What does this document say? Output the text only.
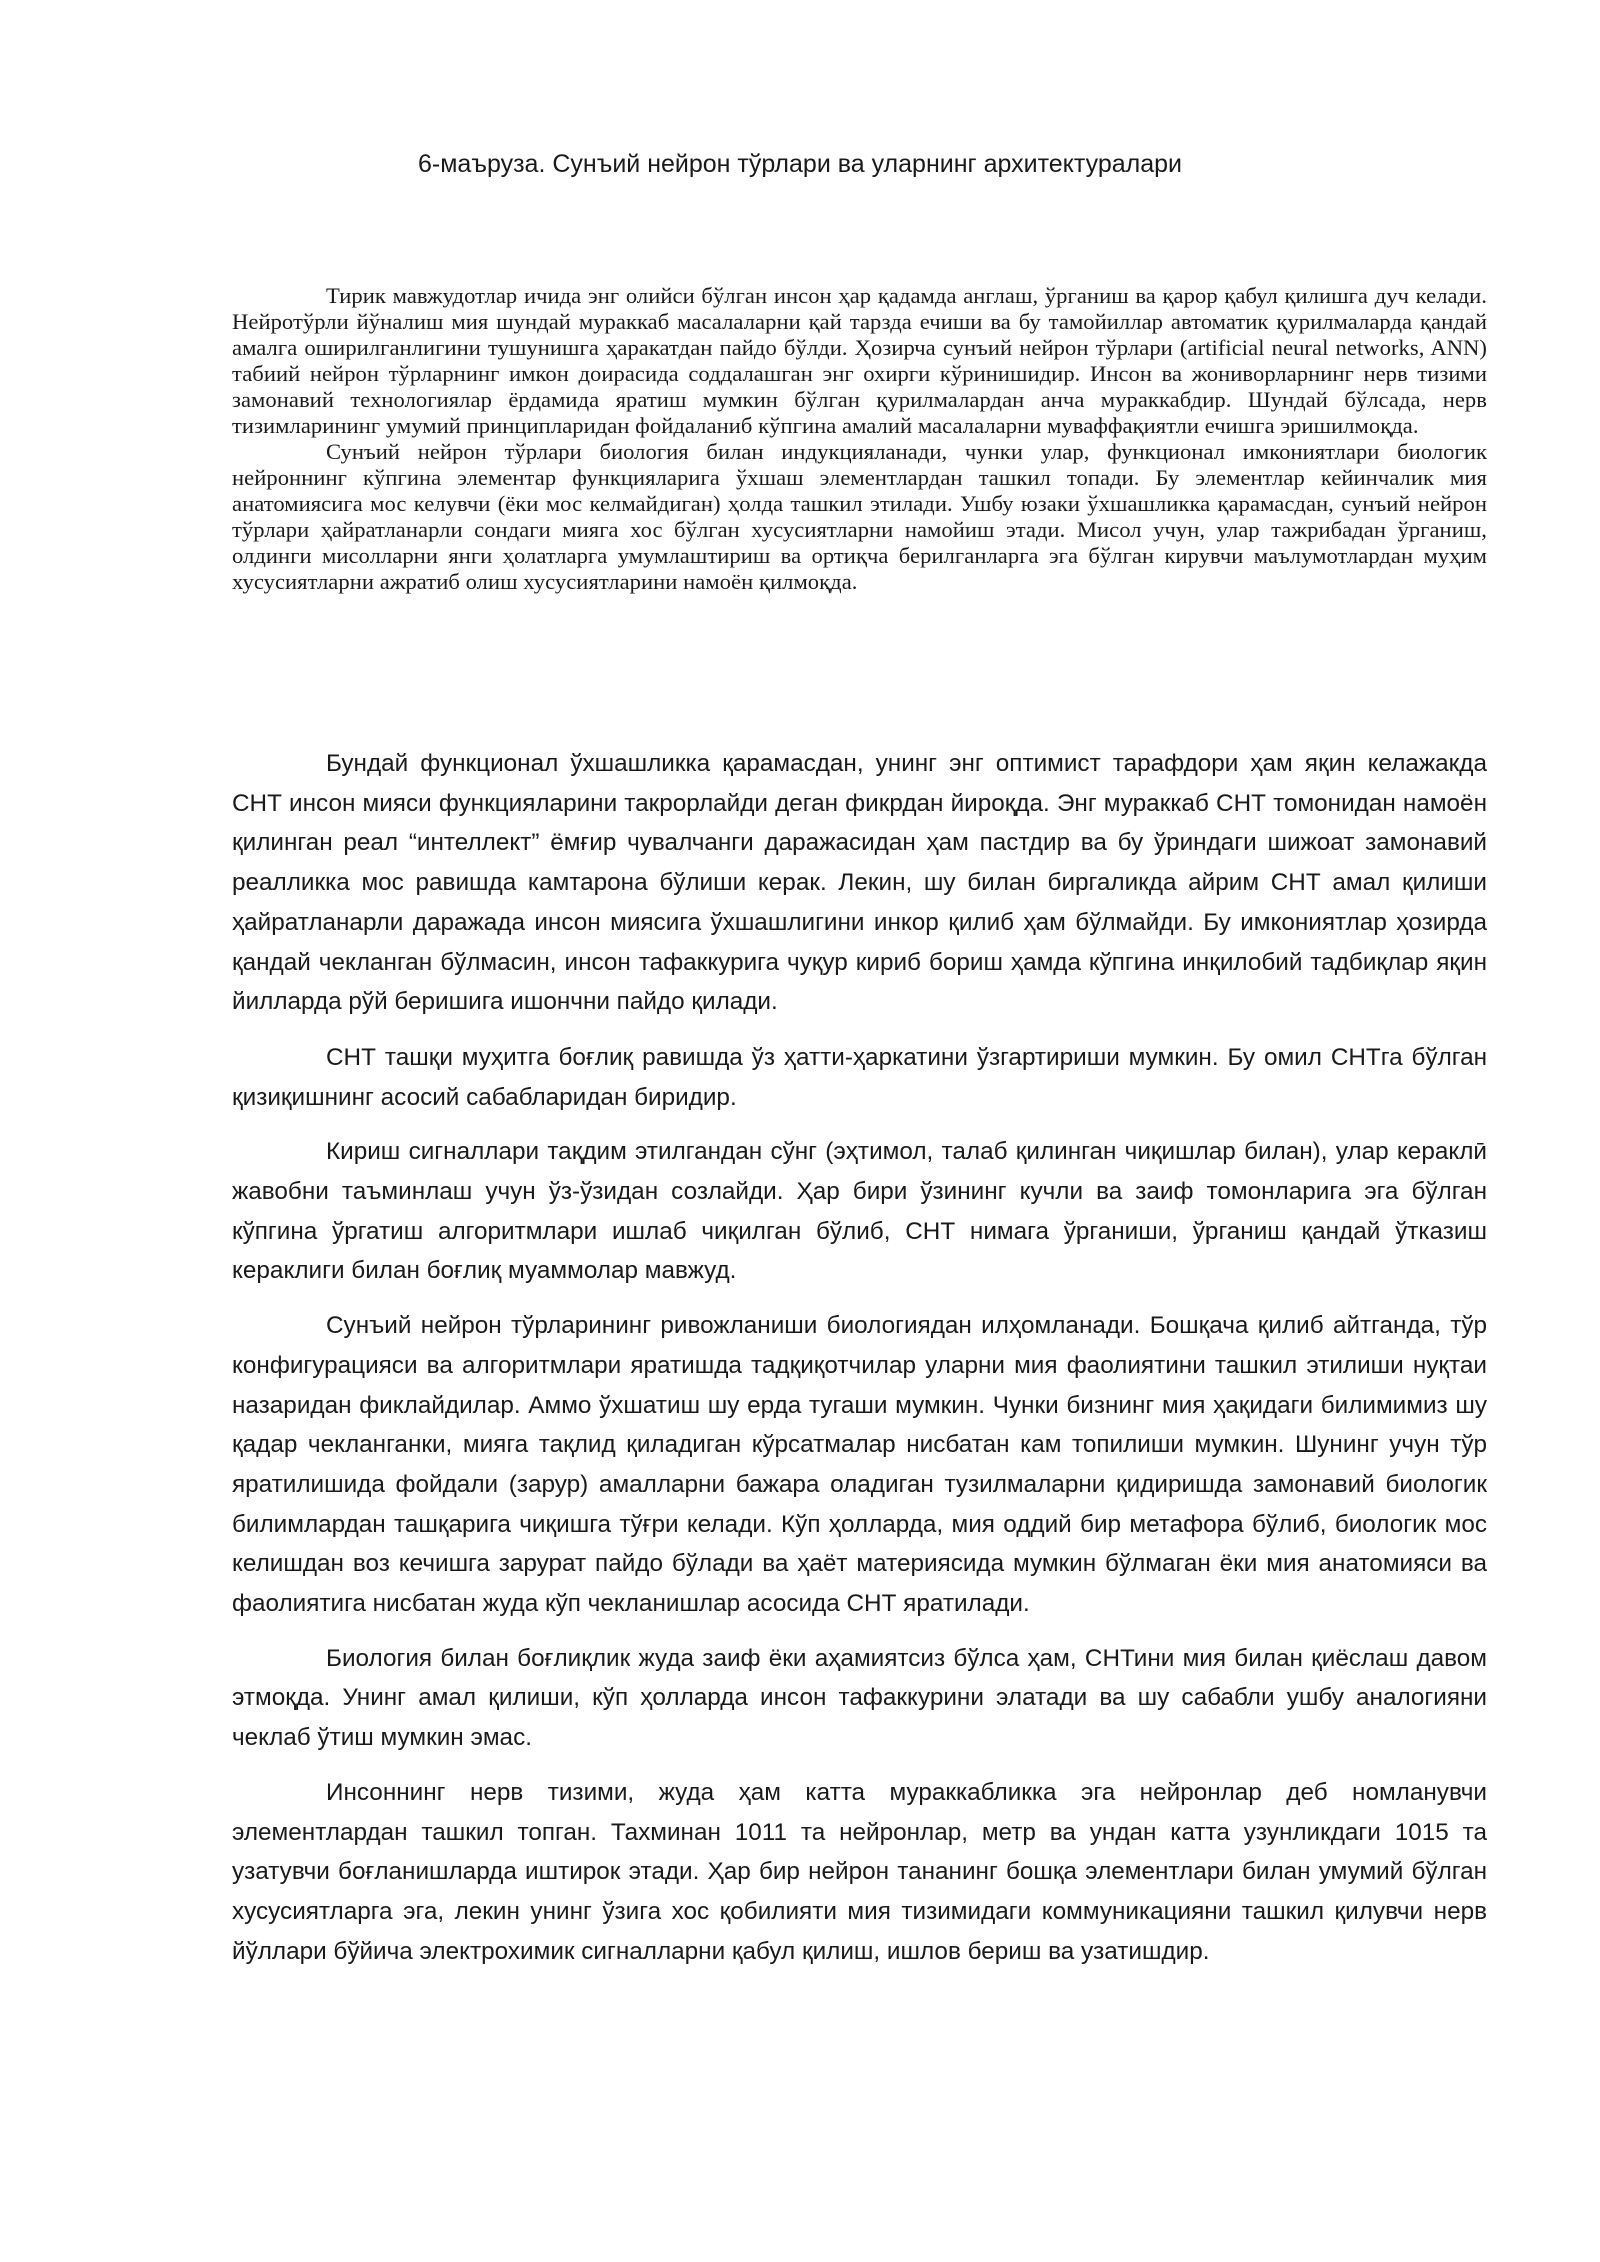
6-маъруза. Сунъий нейрон тўрлари ва уларнинг архитектуралари

Тирик мавжудотлар ичида энг олийси бўлган инсон ҳар қадамда англаш, ўрганиш ва қарор қабул қилишга дуч келади. Нейротўрли йўналиш мия шундай мураккаб масалаларни қай тарзда ечиши ва бу тамойиллар автоматик қурилмаларда қандай амалга оширилганлигини тушунишга ҳаракатдан пайдо бўлди. Ҳозирча сунъий нейрон тўрлари (artificial neural networks, ANN) табиий нейрон тўрларнинг имкон доирасида соддалашган энг охирги кўринишидир. Инсон ва жониворларнинг нерв тизими замонавий технологиялар ёрдамида яратиш мумкин бўлган қурилмалардан анча мураккабдир. Шундай бўлсада, нерв тизимларининг умумий принципларидан фойдаланиб кўпгина амалий масалаларни муваффақиятли ечишга эришилмоқда.

Сунъий нейрон тўрлари биология билан индукцияланади, чунки улар, функционал имкониятлари биологик нейроннинг кўпгина элементар функцияларига ўхшаш элементлардан ташкил топади. Бу элементлар кейинчалик мия анатомиясига мос келувчи (ёки мос келмайдиган) ҳолда ташкил этилади. Ушбу юзаки ўхшашликка қарамасдан, сунъий нейрон тўрлари ҳайратланарли сондаги мияга хос бўлган хусусиятларни намойиш этади. Мисол учун, улар тажрибадан ўрганиш, олдинги мисолларни янги ҳолатларга умумлаштириш ва ортиқча берилганларга эга бўлган кирувчи маълумотлардан муҳим хусусиятларни ажратиб олиш хусусиятларини намоён қилмоқда.

Бундай функционал ўхшашликка қарамасдан, унинг энг оптимист тарафдори ҳам яқин келажакда СНТ инсон мияси функцияларини такрорлайди деган фикрдан йироқда. Энг мураккаб СНТ томонидан намоён қилинган реал “интеллект” ёмғир чувалчанги даражасидан ҳам пастдир ва бу ўриндаги шижоат замонавий реалликка мос равишда камтарона бўлиши керак. Лекин, шу билан биргаликда айрим СНТ амал қилиши ҳайратланарли даражада инсон миясига ўхшашлигини инкор қилиб ҳам бўлмайди. Бу имкониятлар ҳозирда қандай чекланган бўлмасин, инсон тафаккурига чуқур кириб бориш ҳамда кўпгина инқилобий тадбиқлар яқин йилларда рўй беришига ишончни пайдо қилади.

СНТ ташқи муҳитга боғлиқ равишда ўз ҳатти-ҳаркатини ўзгартириши мумкин. Бу омил СНТга бўлган қизиқишнинг асосий сабабларидан биридир.

Кириш сигналлари тақдим этилгандан сўнг (эҳтимол, талаб қилинган чиқишлар билан), улар кераклӣ жавобни таъминлаш учун ўз-ўзидан созлайди. Ҳар бири ўзининг кучли ва заиф томонларига эга бўлган кўпгина ўргатиш алгоритмлари ишлаб чиқилган бўлиб, СНТ нимага ўрганиши, ўрганиш қандай ўтказиш кераклиги билан боғлиқ муаммолар мавжуд.

Сунъий нейрон тўрларининг ривожланиши биологиядан илҳомланади. Бошқача қилиб айтганда, тўр конфигурацияси ва алгоритмлари яратишда тадқиқотчилар уларни мия фаолиятини ташкил этилиши нуқтаи назаридан фиклайдилар. Аммо ўхшатиш шу ерда тугаши мумкин. Чунки бизнинг мия ҳақидаги билимимиз шу қадар чекланганки, мияга тақлид қиладиган кўрсатмалар нисбатан кам топилиши мумкин. Шунинг учун тўр яратилишида фойдали (зарур) амалларни бажара оладиган тузилмаларни қидиришда замонавий биологик билимлардан ташқарига чиқишга тўғри келади. Кўп ҳолларда, мия оддий бир метафора бўлиб, биологик мос келишдан воз кечишга зарурат пайдо бўлади ва ҳаёт материясида мумкин бўлмаган ёки мия анатомияси ва фаолиятига нисбатан жуда кўп чекланишлар асосида СНТ яратилади.

Биология билан боғлиқлик жуда заиф ёки аҳамиятсиз бўлса ҳам, СНТини мия билан қиёслаш давом этмоқда. Унинг амал қилиши, кўп ҳолларда инсон тафаккурини элатади ва шу сабабли ушбу аналогияни чеклаб ўтиш мумкин эмас.

Инсоннинг нерв тизими, жуда ҳам катта мураккабликка эга нейронлар деб номланувчи элементлардан ташкил топган. Тахминан 1011 та нейронлар, метр ва ундан катта узунликдаги 1015 та узатувчи боғланишларда иштирок этади. Ҳар бир нейрон тананинг бошқа элементлари билан умумий бўлган хусусиятларга эга, лекин унинг ўзига хос қобилияти мия тизимидаги коммуникацияни ташкил қилувчи нерв йўллари бўйича электрохимик сигналларни қабул қилиш, ишлов бериш ва узатишдир.
